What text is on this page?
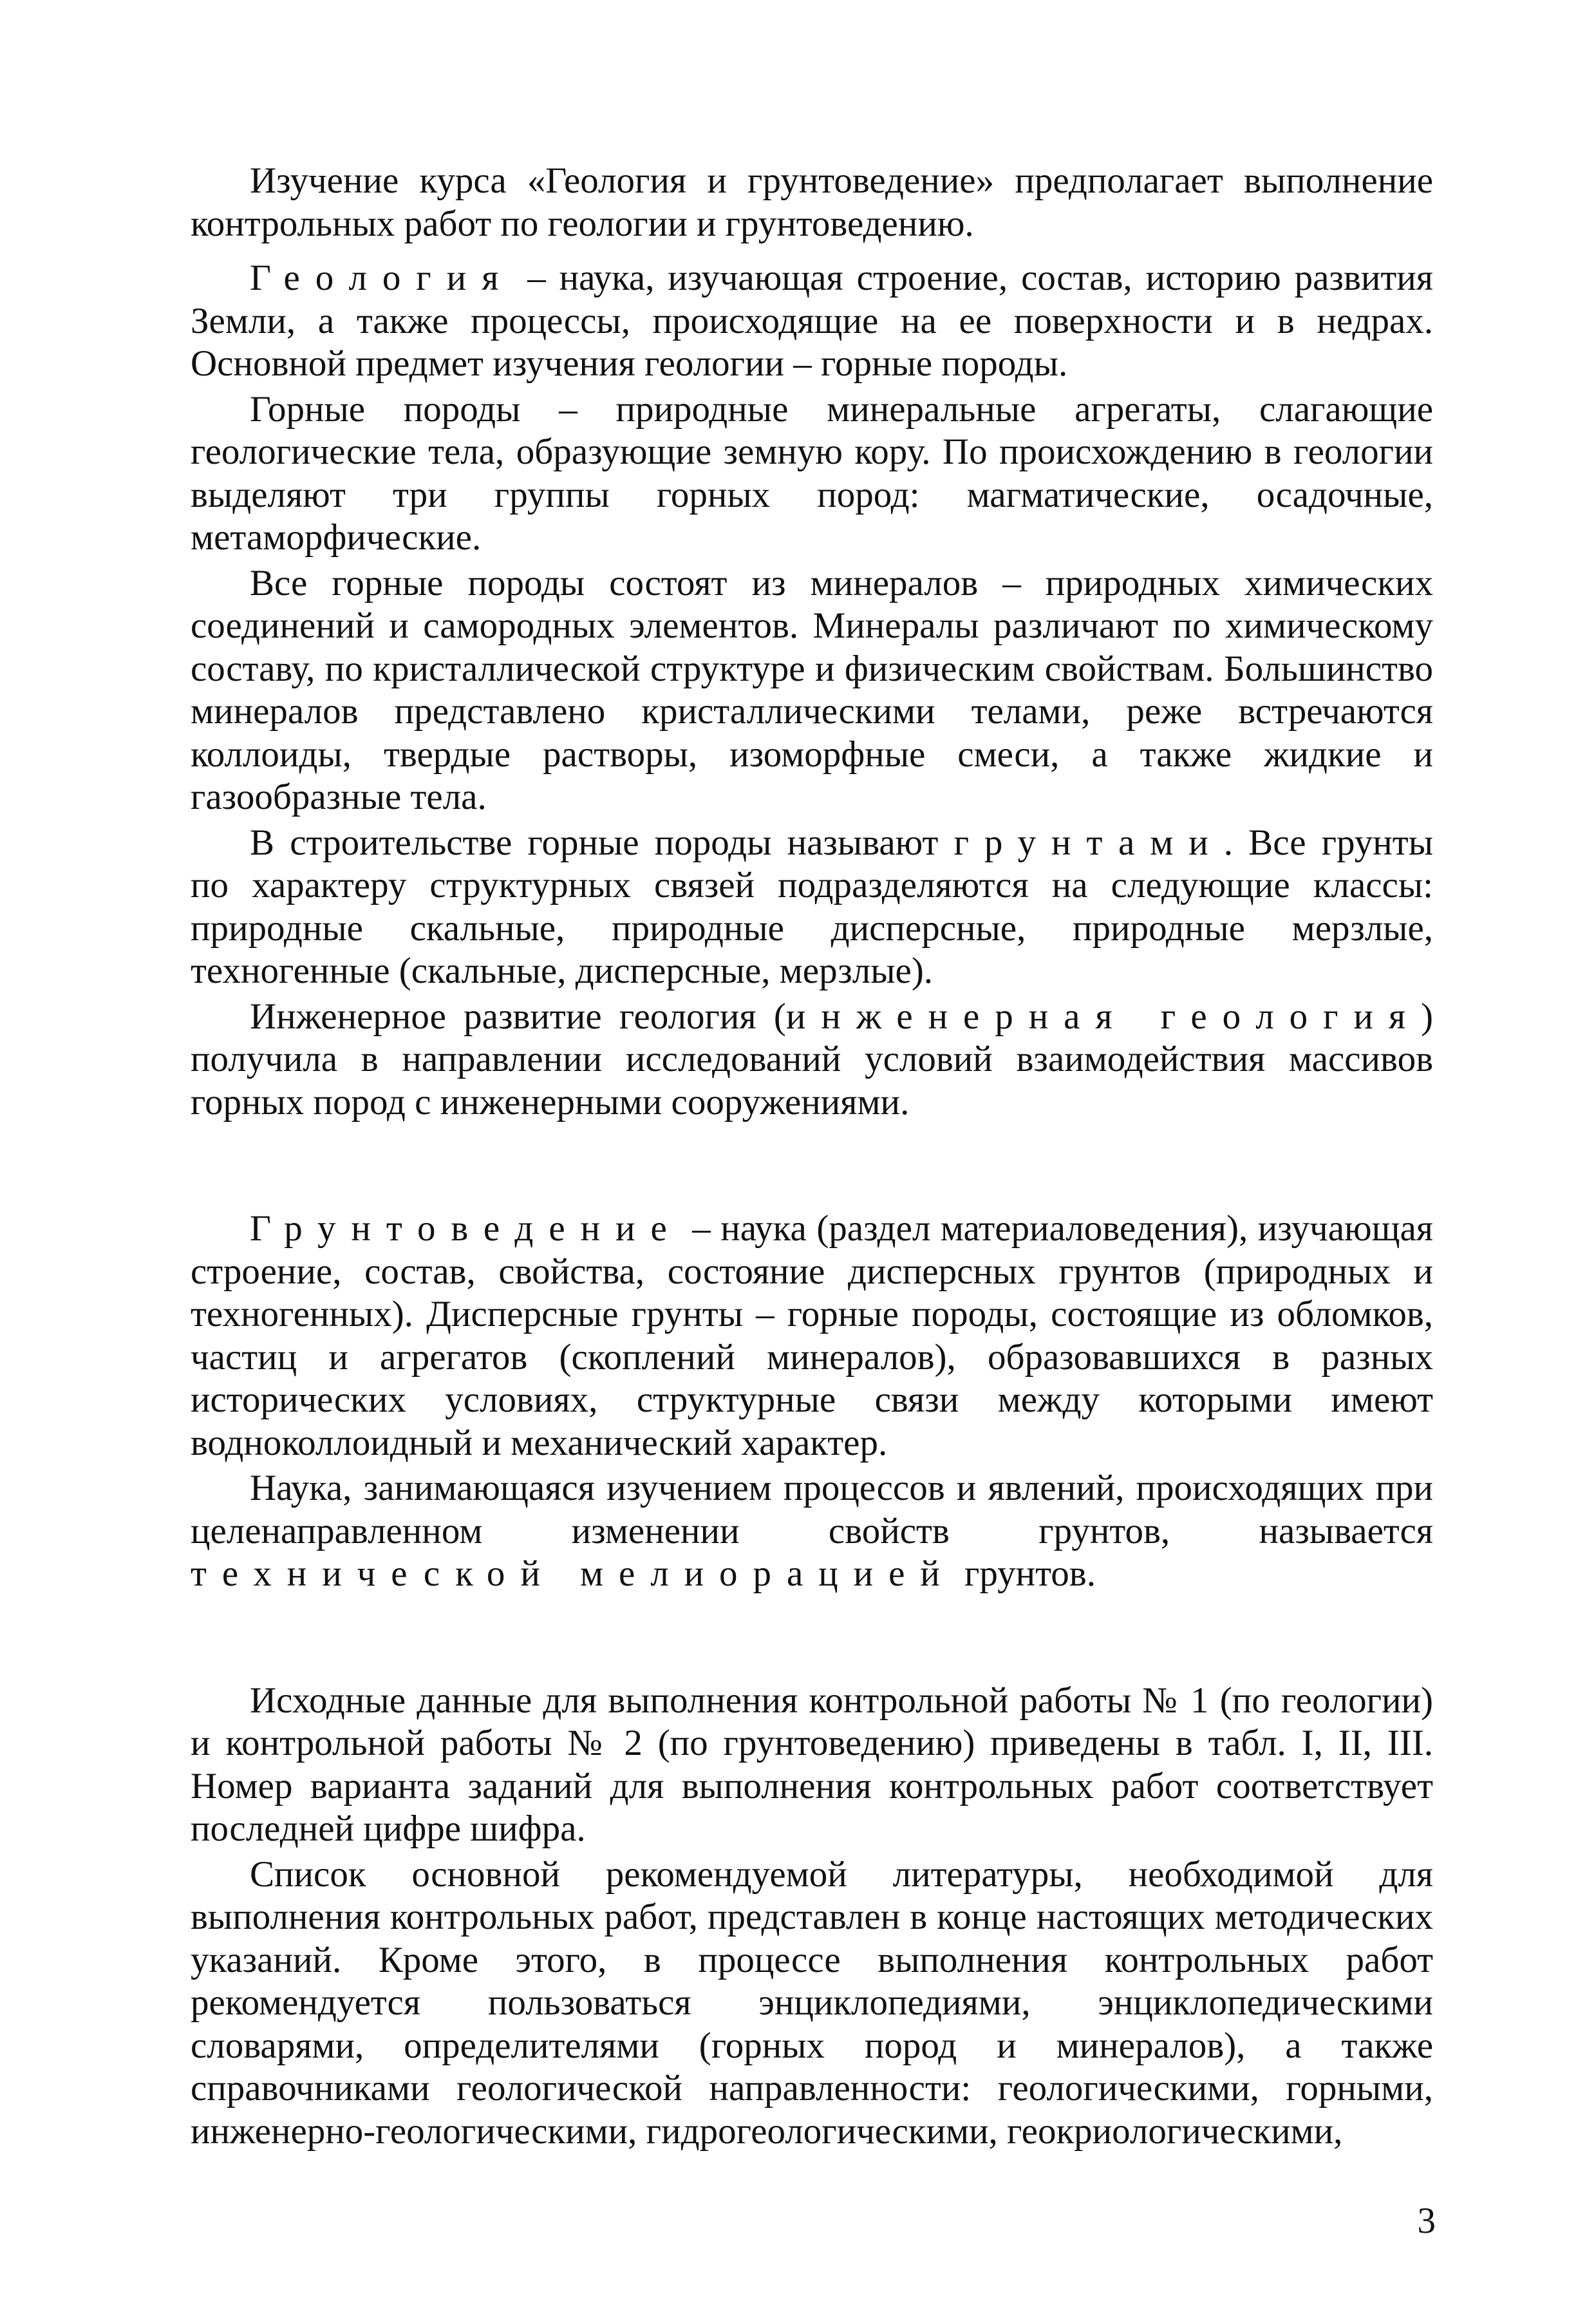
Изучение курса «Геология и грунтоведение» предполагает выполнение контрольных работ по геологии и грунтоведению.

Геология – наука, изучающая строение, состав, историю развития Земли, а также процессы, происходящие на ее поверхности и в недрах. Основной предмет изучения геологии – горные породы.

Горные породы – природные минеральные агрегаты, слагающие геологические тела, образующие земную кору. По происхождению в геологии выделяют три группы горных пород: магматические, осадочные, метаморфические.

Все горные породы состоят из минералов – природных химических соединений и самородных элементов. Минералы различают по химическому составу, по кристаллической структуре и физическим свойствам. Большинство минералов представлено кристаллическими телами, реже встречаются коллоиды, твердые растворы, изоморфные смеси, а также жидкие и газообразные тела.

В строительстве горные породы называют грунтами. Все грунты по характеру структурных связей подразделяются на следующие классы: природные скальные, природные дисперсные, природные мерзлые, техногенные (скальные, дисперсные, мерзлые).

Инженерное развитие геология (инженерная геология) получила в направлении исследований условий взаимодействия массивов горных пород с инженерными сооружениями.

Грунтоведение – наука (раздел материаловедения), изучающая строение, состав, свойства, состояние дисперсных грунтов (природных и техногенных). Дисперсные грунты – горные породы, состоящие из обломков, частиц и агрегатов (скоплений минералов), образовавшихся в разных исторических условиях, структурные связи между которыми имеют водноколлоидный и механический характер.

Наука, занимающаяся изучением процессов и явлений, происходящих при целенаправленном изменении свойств грунтов, называется технической мелиорацией грунтов.

Исходные данные для выполнения контрольной работы № 1 (по геологии) и контрольной работы № 2 (по грунтоведению) приведены в табл. I, II, III. Номер варианта заданий для выполнения контрольных работ соответствует последней цифре шифра.

Список основной рекомендуемой литературы, необходимой для выполнения контрольных работ, представлен в конце настоящих методических указаний. Кроме этого, в процессе выполнения контрольных работ рекомендуется пользоваться энциклопедиями, энциклопедическими словарями, определителями (горных пород и минералов), а также справочниками геологической направленности: геологическими, горными, инженерно-геологическими, гидрогеологическими, геокриологическими,

3
